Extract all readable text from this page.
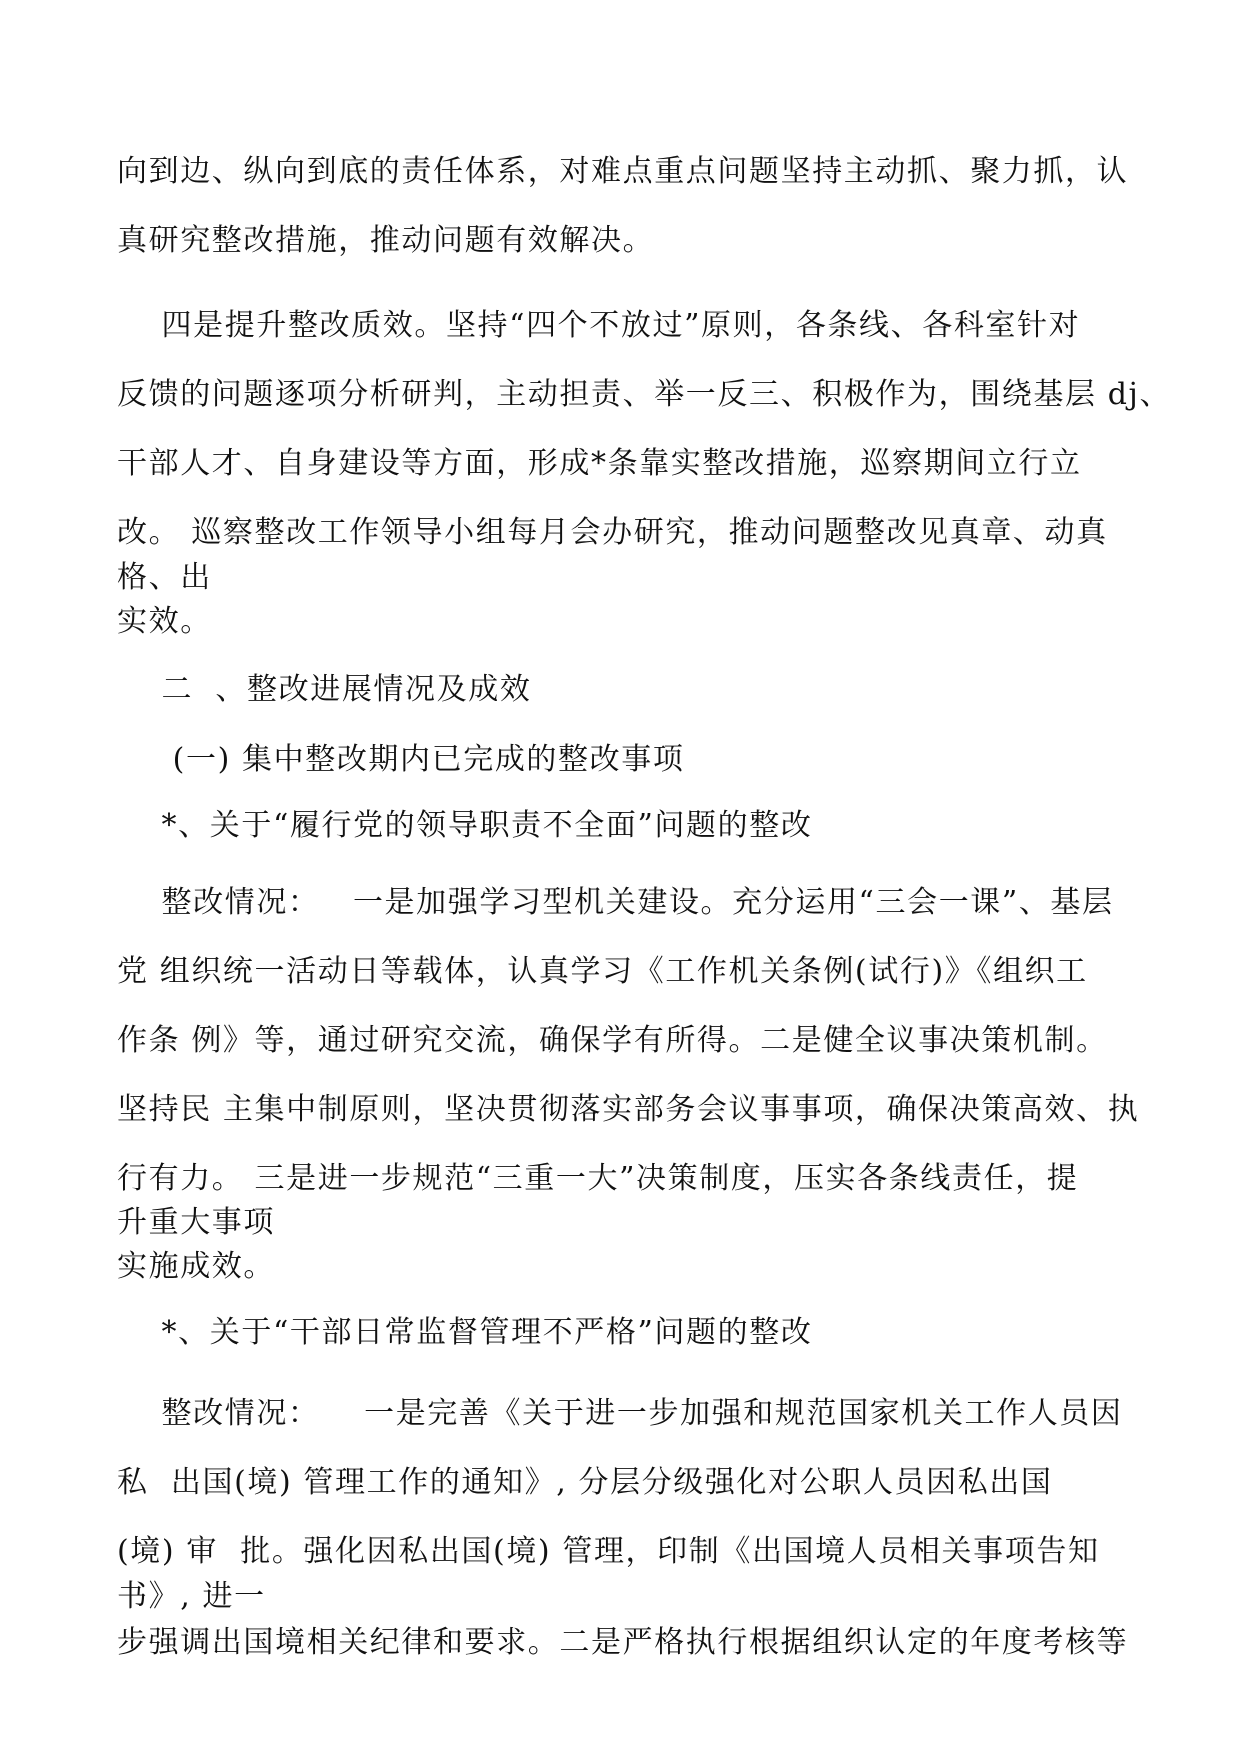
向到边、纵向到底的责任体系，对难点重点问题坚持主动抓、聚力抓，认
真研究整改措施，推动问题有效解决。
四是提升整改质效。坚持“四个不放过”原则，各条线、各科室针对
反馈的问题逐项分析研判，主动担责、举一反三、积极作为，围绕基层 dj、
干部人才、自身建设等方面，形成*条靠实整改措施，巡察期间立行立
改。 巡察整改工作领导小组每月会办研究，推动问题整改见真章、动真
格、出
实效。
二  、整改进展情况及成效
(一) 集中整改期内已完成的整改事项
*、关于“履行党的领导职责不全面”问题的整改
整改情况：   一是加强学习型机关建设。充分运用“三会一课”、基层
党 组织统一活动日等载体，认真学习《工作机关条例(试行)》《组织工
作条 例》等，通过研究交流，确保学有所得。二是健全议事决策机制。
坚持民 主集中制原则，坚决贯彻落实部务会议事事项，确保决策高效、执
行有力。 三是进一步规范“三重一大”决策制度，压实各条线责任，提
升重大事项
实施成效。
*、关于“干部日常监督管理不严格”问题的整改
整改情况：    一是完善《关于进一步加强和规范国家机关工作人员因
私  出国(境) 管理工作的通知》, 分层分级强化对公职人员因私出国
(境) 审  批。强化因私出国(境) 管理，印制《出国境人员相关事项告知
书》, 进一
步强调出国境相关纪律和要求。二是严格执行根据组织认定的年度考核等
